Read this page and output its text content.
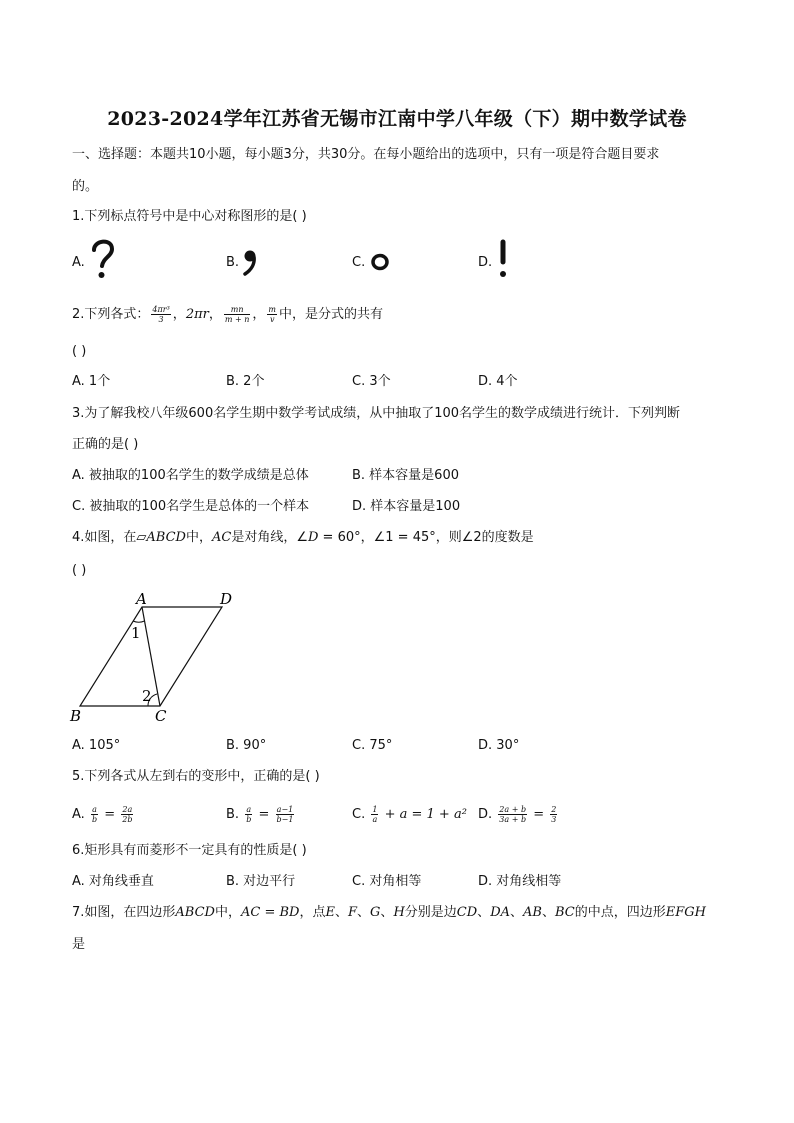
2023-2024学年江苏省无锡市江南中学八年级（下）期中数学试卷
一、选择题：本题共10小题，每小题3分，共30分。在每小题给出的选项中，只有一项是符合题目要求
的。
1.下列标点符号中是中心对称图形的是( )
A.	B.	C.	D.
2.下列各式： $\frac{\text{4πr³}}{3}$ ，2πr， $\frac{mn}{m + n}$ ， $\frac{m}{v}$ 中，是分式的共有
( )
A. 1个	B. 2个	C. 3个	D. 4个
3.为了解我校八年级600名学生期中数学考试成绩，从中抽取了100名学生的数学成绩进行统计．下列判断
正确的是( )
A. 被抽取的100名学生的数学成绩是总体	B. 样本容量是600
C. 被抽取的100名学生是总体的一个样本	D. 样本容量是100
4.如图，在▱ABCD中，AC是对角线，∠D = 60°，∠1 = 45°，则∠2的度数是
( )
A	D
B	C
1
2
A. 105°	B. 90°	C. 75°	D. 30°
5.下列各式从左到右的变形中，正确的是( )
A. $\frac{a}{b} = \frac{2a}{2b}$	B. $\frac{a}{b} = \frac{a-1}{b-1}$	C. $\frac{1}{a} + a = 1 + a^2$ D. $\frac{2a + b}{3a + b} = \frac{2}{3}$
6.矩形具有而菱形不一定具有的性质是( )
A. 对角线垂直	B. 对边平行	C. 对角相等	D. 对角线相等
7.如图，在四边形ABCD中，AC = BD，点E、F、G、H分别是边CD、DA、AB、BC的中点，四边形EFGH
是
